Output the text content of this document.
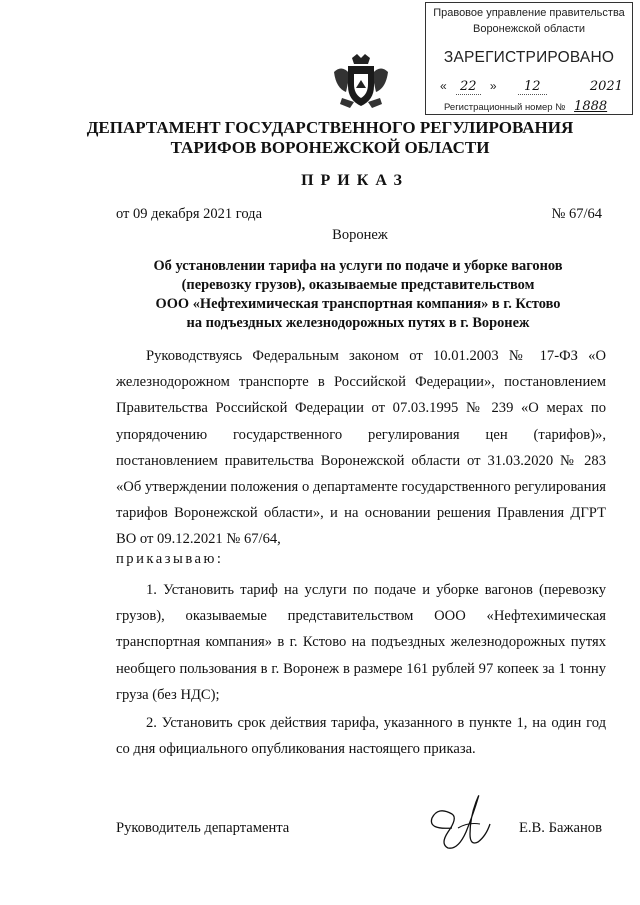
Правовое управление правительства
Воронежской области
ЗАРЕГИСТРИРОВАНО
« 22 » 12	2021
Регистрационный номер № 1888
ДЕПАРТАМЕНТ ГОСУДАРСТВЕННОГО РЕГУЛИРОВАНИЯ
ТАРИФОВ ВОРОНЕЖСКОЙ ОБЛАСТИ
ПРИКАЗ
от 09 декабря 2021 года	№ 67/64
Воронеж
Об установлении тарифа на услуги по подаче и уборке вагонов
(перевозку грузов), оказываемые представительством
ООО «Нефтехимическая транспортная компания» в г. Кстово
на подъездных железнодорожных путях в г. Воронеж

Руководствуясь Федеральным законом от 10.01.2003 № 17-ФЗ «О железнодорожном транспорте в Российской Федерации», постановлением Правительства Российской Федерации от 07.03.1995 № 239 «О мерах по упорядочению государственного регулирования цен (тарифов)», постановлением правительства Воронежской области от 31.03.2020 № 283 «Об утверждении положения о департаменте государственного регулирования тарифов Воронежской области», и на основании решения Правления ДГРТ ВО от 09.12.2021 № 67/64,

приказываю:

1. Установить тариф на услуги по подаче и уборке вагонов (перевозку грузов), оказываемые представительством ООО «Нефтехимическая транспортная компания» в г. Кстово на подъездных железнодорожных путях необщего пользования в г. Воронеж в размере 161 рублей 97 копеек за 1 тонну груза (без НДС);

2. Установить срок действия тарифа, указанного в пункте 1, на один год со дня официального опубликования настоящего приказа.

Руководитель департамента	Е.В. Бажанов
